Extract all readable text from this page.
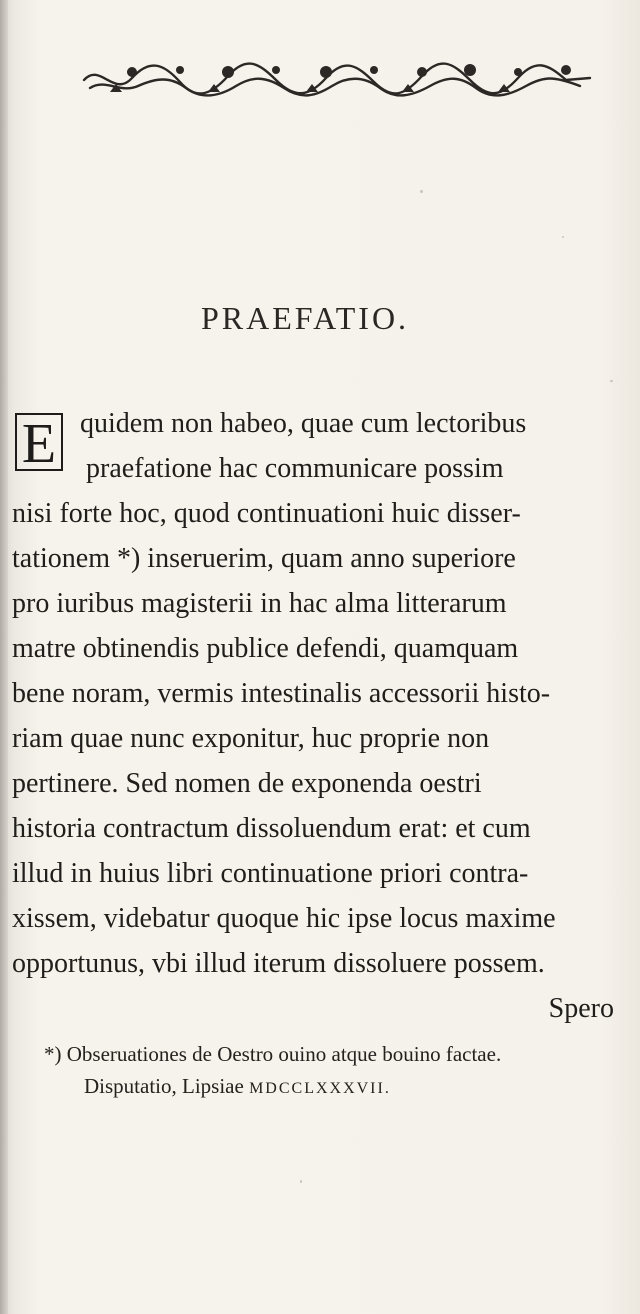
PRAEFATIO.
E quidem non habeo, quae cum lectoribus
praefatione hac communicare possim
nisi forte hoc, quod continuationi huic disser-
tationem *) inseruerim, quam anno superiore
pro iuribus magisterii in hac alma litterarum
matre obtinendis publice defendi, quamquam
bene noram, vermis intestinalis accessorii histo-
riam quae nunc exponitur, huc proprie non
pertinere. Sed nomen de exponenda oestri
historia contractum dissoluendum erat: et cum
illud in huius libri continuatione priori contra-
xissem, videbatur quoque hic ipse locus maxime
opportunus, vbi illud iterum dissoluere possem.
Spero
*) Obseruationes de Oestro ouino atque bouino factae.
Disputatio, Lipsiae MDCCLXXXVII.
